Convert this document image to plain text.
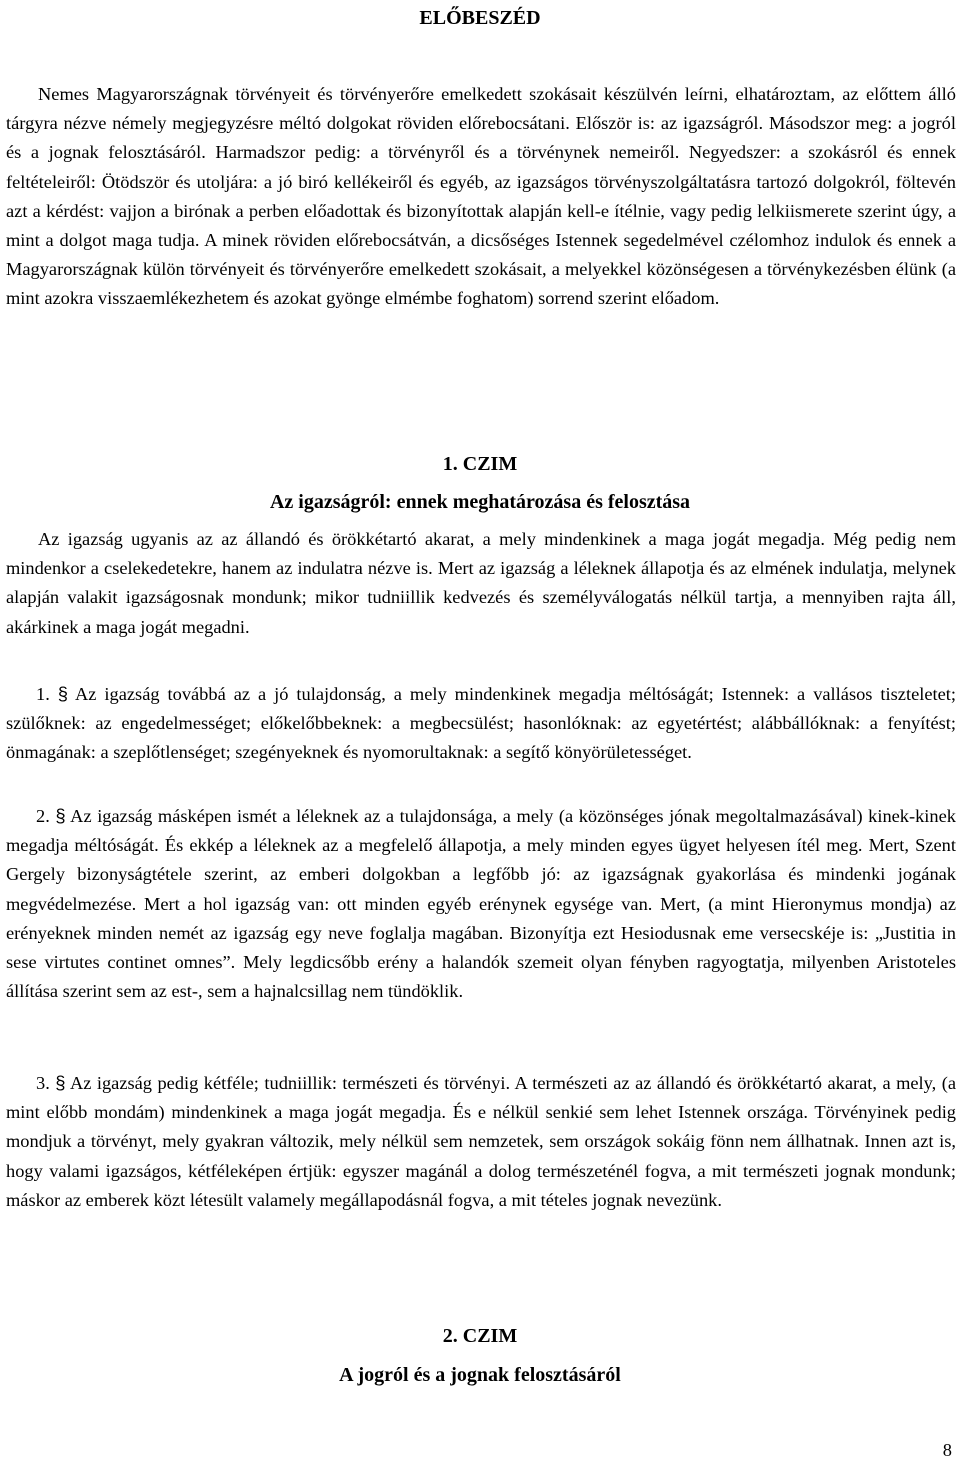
ELŐBESZÉD

Nemes Magyarországnak törvényeit és törvényerőre emelkedett szokásait készülvén leírni, elhatároztam, az előttem álló tárgyra nézve némely megjegyzésre méltó dolgokat röviden előrebocsátani. Először is: az igazságról. Másodszor meg: a jogról és a jognak felosztásáról. Harmadszor pedig: a törvényről és a törvénynek nemeiről. Negyedszer: a szokásról és ennek feltételeiről: Ötödször és utoljára: a jó biró kellékeiről és egyéb, az igazságos törvényszolgáltatásra tartozó dolgokról, föltevén azt a kérdést: vajjon a birónak a perben előadottak és bizonyítottak alapján kell-e ítélnie, vagy pedig lelkiismerete szerint úgy, a mint a dolgot maga tudja. A minek röviden előrebocsátván, a dicsőséges Istennek segedelmével czélomhoz indulok és ennek a Magyarországnak külön törvényeit és törvényerőre emelkedett szokásait, a melyekkel közönségesen a törvénykezésben élünk (a mint azokra visszaemlékezhetem és azokat gyönge elmémbe foghatom) sorrend szerint előadom.

1. CZIM
Az igazságról: ennek meghatározása és felosztása

Az igazság ugyanis az az állandó és örökkétartó akarat, a mely mindenkinek a maga jogát megadja. Még pedig nem mindenkor a cselekedetekre, hanem az indulatra nézve is. Mert az igazság a léleknek állapotja és az elmének indulatja, melynek alapján valakit igazságosnak mondunk; mikor tudniillik kedvezés és személyválogatás nélkül tartja, a mennyiben rajta áll, akárkinek a maga jogát megadni.

1. § Az igazság továbbá az a jó tulajdonság, a mely mindenkinek megadja méltóságát; Istennek: a vallásos tiszteletet; szülőknek: az engedelmességet; előkelőbbeknek: a megbecsülést; hasonlóknak: az egyetértést; alábbállóknak: a fenyítést; önmagának: a szeplőtlenséget; szegényeknek és nyomorultaknak: a segítő könyörületességet.

2. § Az igazság másképen ismét a léleknek az a tulajdonsága, a mely (a közönséges jónak megoltalmazásával) kinek-kinek megadja méltóságát. És ekkép a léleknek az a megfelelő állapotja, a mely minden egyes ügyet helyesen ítél meg. Mert, Szent Gergely bizonyságtétele szerint, az emberi dolgokban a legfőbb jó: az igazságnak gyakorlása és mindenki jogának megvédelmezése. Mert a hol igazság van: ott minden egyéb erénynek egysége van. Mert, (a mint Hieronymus mondja) az erényeknek minden nemét az igazság egy neve foglalja magában. Bizonyítja ezt Hesiodusnak eme versecskéje is: „Justitia in sese virtutes continet omnes”. Mely legdicsőbb erény a halandók szemeit olyan fényben ragyogtatja, milyenben Aristoteles állítása szerint sem az est-, sem a hajnalcsillag nem tündöklik.

3. § Az igazság pedig kétféle; tudniillik: természeti és törvényi. A természeti az az állandó és örökkétartó akarat, a mely, (a mint előbb mondám) mindenkinek a maga jogát megadja. És e nélkül senkié sem lehet Istennek országa. Törvényinek pedig mondjuk a törvényt, mely gyakran változik, mely nélkül sem nemzetek, sem országok sokáig fönn nem állhatnak. Innen azt is, hogy valami igazságos, kétféleképen értjük: egyszer magánál a dolog természeténél fogva, a mit természeti jognak mondunk; máskor az emberek közt létesült valamely megállapodásnál fogva, a mit tételes jognak nevezünk.

2. CZIM
A jogról és a jognak felosztásáról

8
